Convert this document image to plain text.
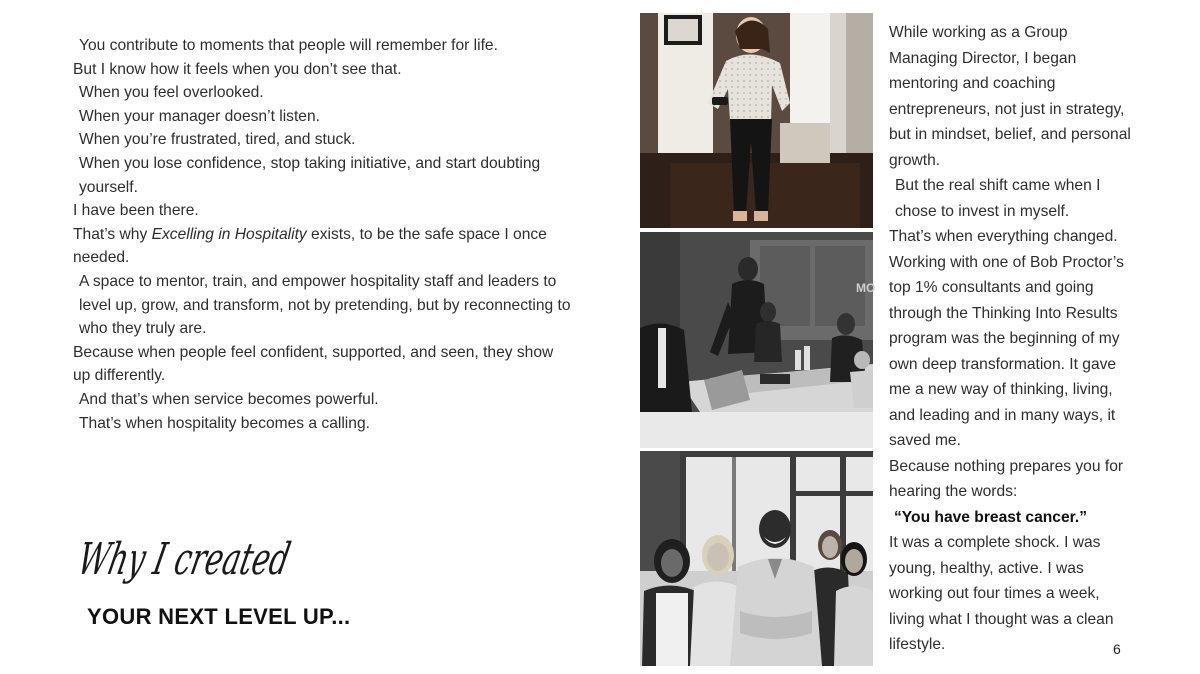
You contribute to moments that people will remember for life.

But I know how it feels when you don’t see that.

When you feel overlooked.

When your manager doesn’t listen.

When you’re frustrated, tired, and stuck.

When you lose confidence, stop taking initiative, and start doubting yourself.

I have been there.

That’s why Excelling in Hospitality exists, to be the safe space I once needed.

A space to mentor, train, and empower hospitality staff and leaders to level up, grow, and transform, not by pretending, but by reconnecting to who they truly are.

Because when people feel confident, supported, and seen, they show up differently.

And that’s when service becomes powerful.

That’s when hospitality becomes a calling.

Why I created
YOUR NEXT LEVEL UP...
MO

While working as a Group Managing Director, I began mentoring and coaching entrepreneurs, not just in strategy, but in mindset, belief, and personal growth.

But the real shift came when I chose to invest in myself.

That’s when everything changed. Working with one of Bob Proctor’s top 1% consultants and going through the Thinking Into Results program was the beginning of my own deep transformation. It gave me a new way of thinking, living, and leading and in many ways, it saved me.

Because nothing prepares you for hearing the words:

“You have breast cancer.”

It was a complete shock. I was young, healthy, active. I was working out four times a week, living what I thought was a clean lifestyle.	6
